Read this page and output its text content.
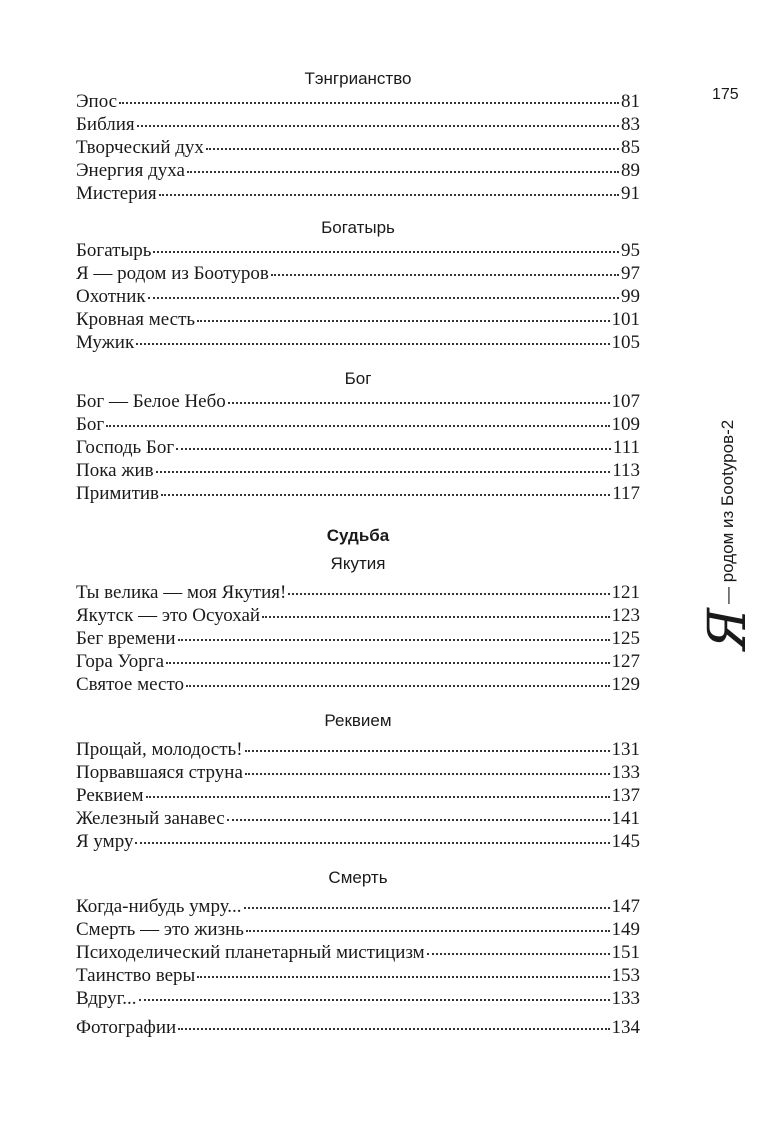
Тэнгрианство
Эпос	81
Библия	83
Творческий дух	85
Энергия духа	89
Мистерия	91
Богатырь
Богатырь	95
Я — родом из Боотуров	97
Охотник	99
Кровная месть	101
Мужик	105
Бог
Бог — Белое Небо	107
Бог	109
Господь Бог	111
Пока жив	113
Примитив	117
Судьба
Якутия
Ты велика — моя Якутия!	121
Якутск — это Осуохай	123
Бег времени	125
Гора Уорга	127
Святое место	129
Реквием
Прощай, молодость!	131
Порвавшаяся струна	133
Реквием	137
Железный занавес	141
Я умру	145
Смерть
Когда-нибудь умру...	147
Смерть — это жизнь	149
Психоделический планетарный мистицизм	151
Таинство веры	153
Вдруг...	133
Фотографии	134
175
Я
— родом из Бootуров-2
